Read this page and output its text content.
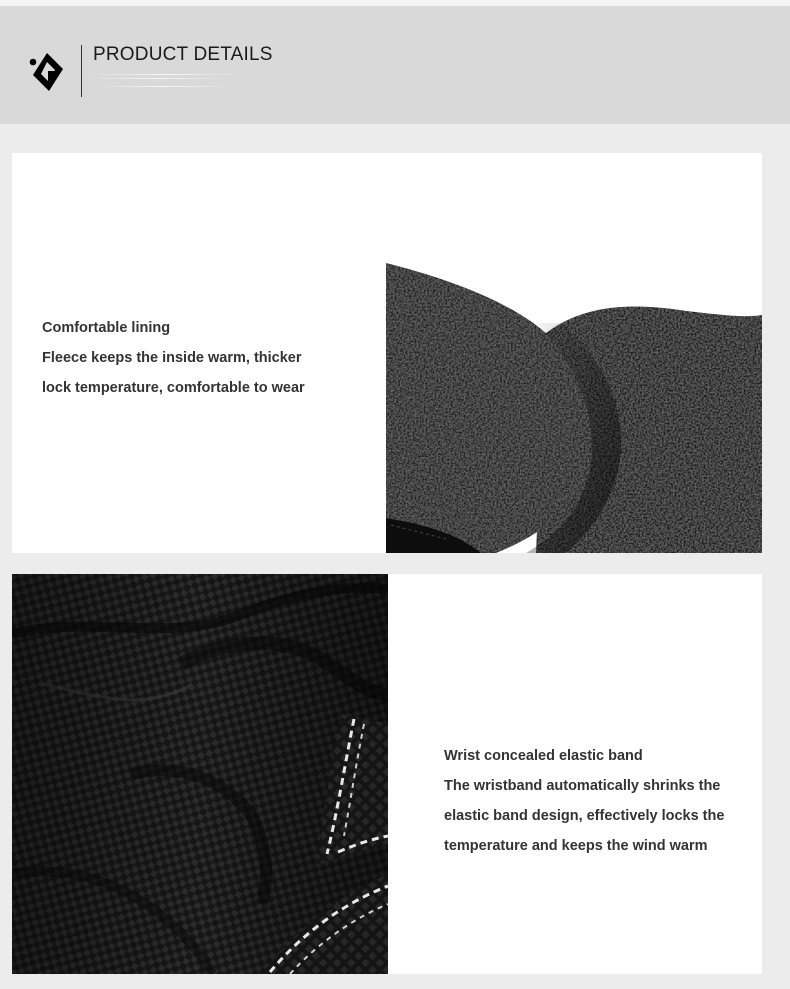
PRODUCT DETAILS
Comfortable lining
Fleece keeps the inside warm, thicker
lock temperature, comfortable to wear
Wrist concealed elastic band
The wristband automatically shrinks the
elastic band design, effectively locks the
temperature and keeps the wind warm
